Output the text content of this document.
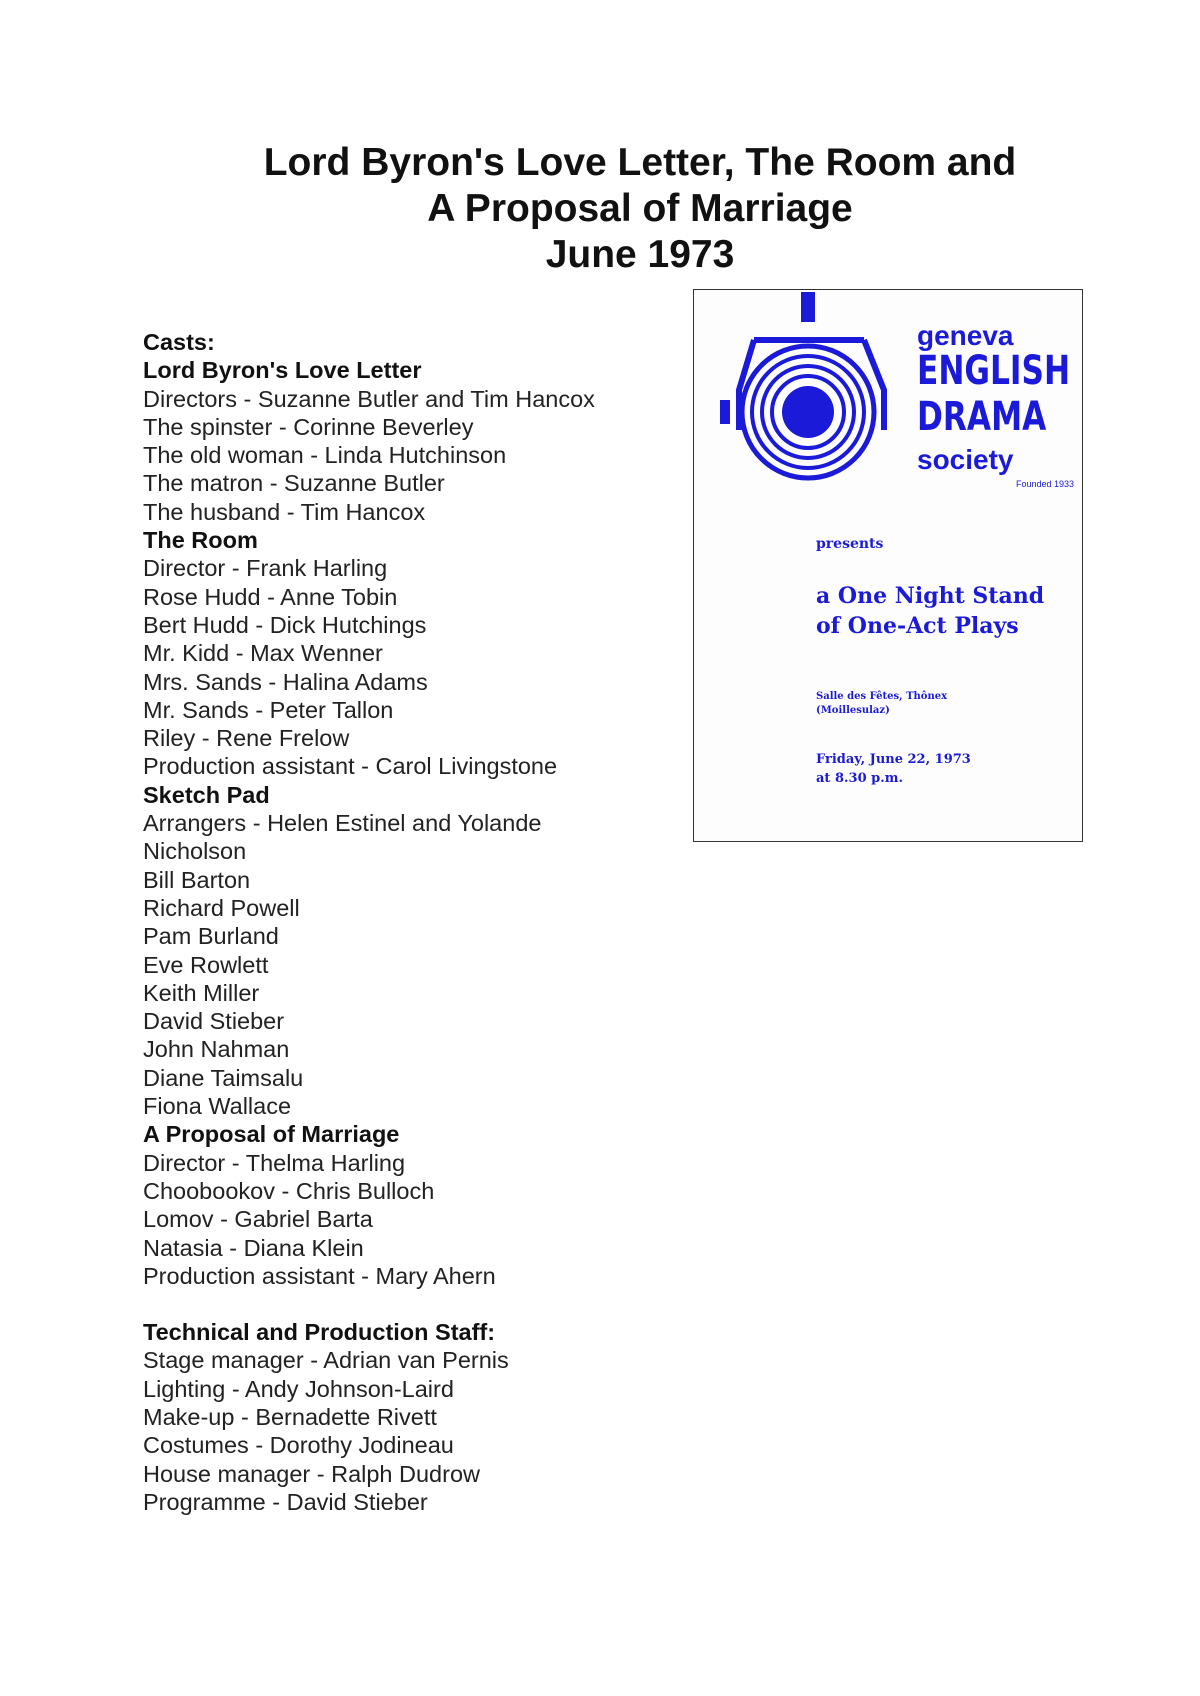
Lord Byron's Love Letter, The Room and
A Proposal of Marriage
June 1973
Casts:
Lord Byron's Love Letter
Directors - Suzanne Butler and Tim Hancox
The spinster - Corinne Beverley
The old woman - Linda Hutchinson
The matron - Suzanne Butler
The husband - Tim Hancox
The Room
Director - Frank Harling
Rose Hudd - Anne Tobin
Bert Hudd - Dick Hutchings
Mr. Kidd - Max Wenner
Mrs. Sands - Halina Adams
Mr. Sands - Peter Tallon
Riley - Rene Frelow
Production assistant - Carol Livingstone
Sketch Pad
Arrangers - Helen Estinel and Yolande
Nicholson
Bill Barton
Richard Powell
Pam Burland
Eve Rowlett
Keith Miller
David Stieber
John Nahman
Diane Taimsalu
Fiona Wallace
A Proposal of Marriage
Director - Thelma Harling
Choobookov - Chris Bulloch
Lomov - Gabriel Barta
Natasia - Diana Klein
Production assistant - Mary Ahern
Technical and Production Staff:
Stage manager - Adrian van Pernis
Lighting - Andy Johnson-Laird
Make-up - Bernadette Rivett
Costumes - Dorothy Jodineau
House manager - Ralph Dudrow
Programme - David Stieber
geneva
ENGLISH
DRAMA
society
Founded 1933
presents
a One Night Stand
of One-Act Plays
Salle des Fêtes, Thônex
(Moillesulaz)
Friday, June 22, 1973
at 8.30 p.m.
